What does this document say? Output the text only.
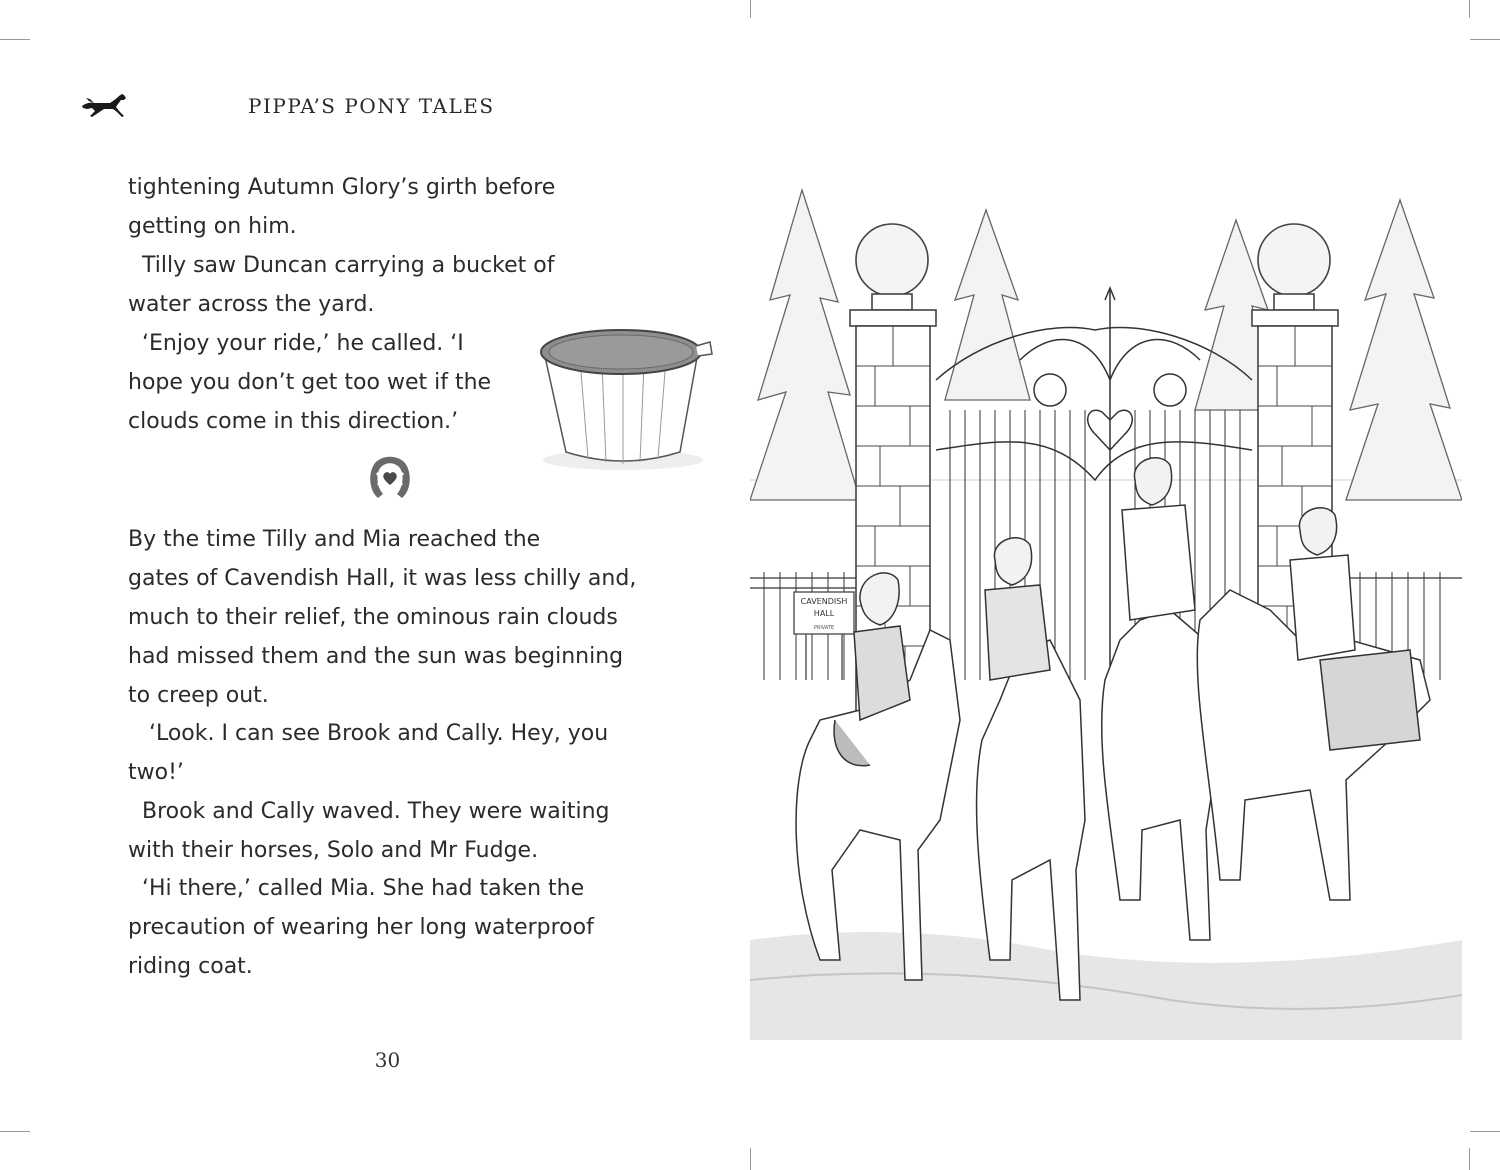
PIPPA’S PONY TALES
tightening Autumn Glory’s girth before
getting on him.
Tilly saw Duncan carrying a bucket of
water across the yard.
‘Enjoy your ride,’ he called. ‘I
hope you don’t get too wet if the
clouds come in this direction.’
By the time Tilly and Mia reached the
gates of Cavendish Hall, it was less chilly and,
much to their relief, the ominous rain clouds
had missed them and the sun was beginning
to creep out.
‘Look. I can see Brook and Cally. Hey, you
two!’
Brook and Cally waved. They were waiting
with their horses, Solo and Mr Fudge.
‘Hi there,’ called Mia. She had taken the
precaution of wearing her long waterproof
riding coat.
30
CAVENDISH
HALL
PRIVATE
